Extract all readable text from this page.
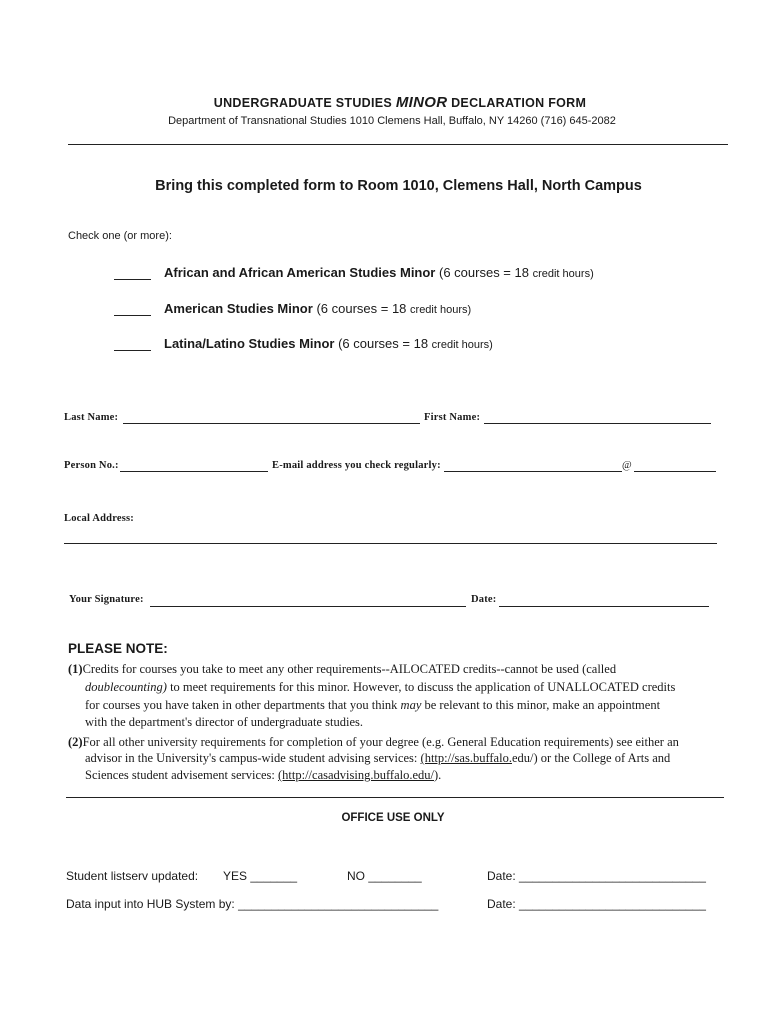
UNDERGRADUATE STUDIES MINOR DECLARATION FORM
Department of Transnational Studies 1010 Clemens Hall, Buffalo, NY 14260 (716) 645-2082
Bring this completed form to Room 1010, Clemens Hall, North Campus
Check one (or more):
African and African American Studies Minor (6 courses = 18 credit hours)
American Studies Minor (6 courses = 18 credit hours)
Latina/Latino Studies Minor (6 courses = 18 credit hours)
Last Name:	First Name:
Person No.:	E-mail address you check regularly:	@
Local Address:
Your Signature:	Date:
PLEASE NOTE:
(1)Credits for courses you take to meet any other requirements--AILOCATED credits--cannot be used (called
doublecounting) to meet requirements for this minor. However, to discuss the application of UNALLOCATED credits
for courses you have taken in other departments that you think may be relevant to this minor, make an appointment
with the department's director of undergraduate studies.
(2)For all other university requirements for completion of your degree (e.g. General Education requirements) see either an
advisor in the University's campus-wide student advising services: (http://sas.buffalo.edu/) or the College of Arts and
Sciences student advisement services: (http://casadvising.buffalo.edu/).
OFFICE USE ONLY
Student listserv updated: YES _______	NO ________	Date: ____________________________
Data input into HUB System by: ______________________________	Date: ____________________________
